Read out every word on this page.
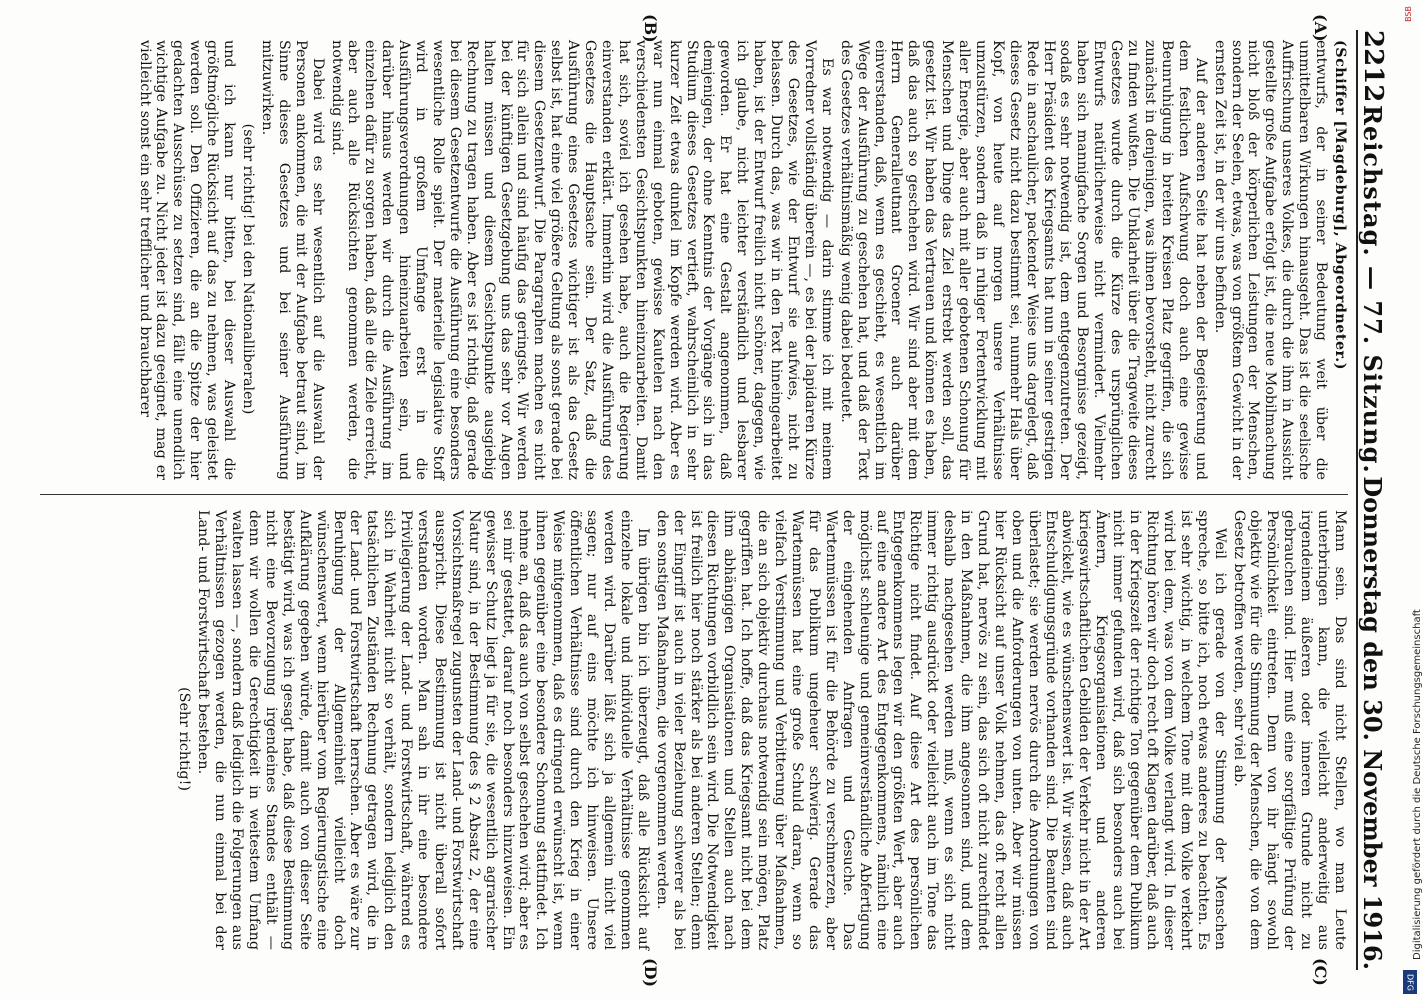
2212
Reichstag. — 77. Sitzung.
Donnerstag den 30. November 1916.
(A)
(B)
(C)
(D)

(Schiffer [Magdeburg], Abgeordneter.)

entwurfs, der in seiner Bedeutung weit über die unmittelbaren Wirkungen hinausgeht. Das ist die seelische Auffrischung unseres Volkes, die durch die ihm in Aussicht gestellte große Aufgabe erfolgt ist, die neue Mobilmachung nicht bloß der körperlichen Leistungen der Menschen, sondern der Seelen, etwas, was von größtem Gewicht in der ernsten Zeit ist, in der wir uns befinden.

Auf der anderen Seite hat neben der Begeisterung und dem festlichen Aufschwung doch auch eine gewisse Beunruhigung in breiten Kreisen Platz gegriffen, die sich zunächst in denjenigen, was ihnen bevorsteht, nicht zurecht zu finden wußten. Die Unklarheit über die Tragweite dieses Gesetzes wurde durch die Kürze des ursprünglichen Entwurfs natürlicherweise nicht vermindert. Vielmehr haben sich mannigfache Sorgen und Besorgnisse gezeigt, sodaß es sehr notwendig ist, dem entgegenzutreten. Der Herr Präsident des Kriegsamts hat nun in seiner gestrigen Rede in anschaulicher, packender Weise uns dargelegt, daß dieses Gesetz nicht dazu bestimmt sei, nunmehr Hals über Kopf, von heute auf morgen unsere Verhältnisse umzustürzen, sondern daß in ruhiger Fortentwicklung mit aller Energie, aber auch mit aller gebotenen Schonung für Menschen und Dinge das Ziel erstrebt werden soll, das gesetzt ist. Wir haben das Vertrauen und können es haben, daß das auch so geschehen wird. Wir sind aber mit dem Herrn Generalleutnant Groener auch darüber einverstanden, daß, wenn es geschieht, es wesentlich im Wege der Ausführung zu geschehen hat, und daß der Text des Gesetzes verhältnismäßig wenig dabei bedeutet.

Es war notwendig — darin stimme ich mit meinem Vorredner vollständig überein —, es bei der lapidaren Kürze des Gesetzes, wie der Entwurf sie aufwies, nicht zu belassen. Durch das, was wir in den Text hineingearbeitet haben, ist der Entwurf freilich nicht schöner, dagegen, wie ich glaube, nicht leichter verständlich und lesbarer geworden. Er hat eine Gestalt angenommen, daß demjenigen, der ohne Kenntnis der Vorgänge sich in das Studium dieses Gesetzes vertieft, wahrscheinlich in sehr kurzer Zeit etwas dunkel im Kopfe werden wird. Aber es war nun einmal geboten, gewisse Kautelen nach den verschiedensten Gesichtspunkten hineinzuarbeiten. Damit hat sich, soviel ich gesehen habe, auch die Regierung einverstanden erklärt. Immerhin wird die Ausführung des Gesetzes die Hauptsache sein. Der Satz, daß die Ausführung eines Gesetzes wichtiger ist als das Gesetz selbst ist, hat eine viel größere Geltung als sonst gerade bei diesem Gesetzentwurf. Die Paragraphen machen es nicht für sich allein und sind häufig das geringste. Wir werden bei der künftigen Gesetzgebung uns das sehr vor Augen halten müssen und diesem Gesichtspunkte ausgiebig Rechnung zu tragen haben. Aber es ist richtig, daß gerade bei diesem Gesetzentwurfe die Ausführung eine besonders wesentliche Rolle spielt. Der materielle legislative Stoff wird in großem Umfange erst in die Ausführungsverordnungen hineinzuarbeiten sein, und darüber hinaus werden wir durch die Ausführung im einzelnen dafür zu sorgen haben, daß alle die Ziele erreicht, aber auch alle Rücksichten genommen werden, die notwendig sind.

Dabei wird es sehr wesentlich auf die Auswahl der Personen ankommen, die mit der Aufgabe betraut sind, im Sinne dieses Gesetzes und bei seiner Ausführung mitzuwirken.

(sehr richtig! bei den Nationalliberalen)

und ich kann nur bitten, bei dieser Auswahl die größtmögliche Rücksicht auf das zu nehmen, was geleistet werden soll. Den Offizieren, die an die Spitze der hier gedachten Ausschüsse zu setzen sind, fällt eine unendlich wichtige Aufgabe zu. Nicht jeder ist dazu geeignet, mag er vielleicht sonst ein sehr trefflicher und brauchbarer

Mann sein. Das sind nicht Stellen, wo man Leute unterbringen kann, die vielleicht anderweitig aus irgendeinem äußeren oder inneren Grunde nicht zu gebrauchen sind. Hier muß eine sorgfältige Prüfung der Persönlichkeit eintreten. Denn von ihr hängt sowohl objektiv wie für die Stimmung der Menschen, die von dem Gesetz betroffen werden, sehr viel ab.

Weil ich gerade von der Stimmung der Menschen spreche, so bitte ich, noch etwas anderes zu beachten. Es ist sehr wichtig, in welchem Tone mit dem Volke verkehrt wird bei dem, was von dem Volke verlangt wird. In dieser Richtung hören wir doch recht oft Klagen darüber, daß auch in der Kriegszeit der richtige Ton gegenüber dem Publikum nicht immer gefunden wird, daß sich besonders auch bei Ämtern, Kriegsorganisationen und anderen kriegswirtschaftlichen Gebilden der Verkehr nicht in der Art abwickelt, wie es wünschenswert ist. Wir wissen, daß auch Entschuldigungsgründe vorhanden sind. Die Beamten sind überlastet; sie werden nervös durch die Anordnungen von oben und die Anforderungen von unten. Aber wir müssen hier Rücksicht auf unser Volk nehmen, das oft recht allen Grund hat, nervös zu sein, das sich oft nicht zurechtfindet in den Maßnahmen, die ihm angesonnen sind, und dem deshalb nachgesehen werden muß, wenn es sich nicht immer richtig ausdrückt oder vielleicht auch im Tone das Richtige nicht findet. Auf diese Art des persönlichen Entgegenkommens legen wir den größten Wert, aber auch auf eine andere Art des Entgegenkommens, nämlich eine möglichst schleunige und gemeinverständliche Abfertigung der eingehenden Anfragen und Gesuche. Das Wartenmüssen ist für die Behörde zu verschmerzen, aber für das Publikum ungeheuer schwierig. Gerade das Wartenmüssen hat eine große Schuld daran, wenn so vielfach Verstimmung und Verbitterung über Maßnahmen, die an sich objektiv durchaus notwendig sein mögen, Platz gegriffen hat. Ich hoffe, daß das Kriegsamt nicht bei dem ihm abhängigen Organisationen und Stellen auch nach diesen Richtungen vorbildlich sein wird. Die Notwendigkeit ist freilich hier noch stärker als bei anderen Stellen; denn der Eingriff ist auch in vieler Beziehung schwerer als bei den sonstigen Maßnahmen, die vorgenommen werden.

Im übrigen bin ich überzeugt, daß alle Rücksicht auf einzelne lokale und individuelle Verhältnisse genommen werden wird. Darüber läßt sich ja allgemein nicht viel sagen; nur auf eins möchte ich hinweisen. Unsere öffentlichen Verhältnisse sind durch den Krieg in einer Weise mitgenommen, daß es dringend erwünscht ist, wenn ihnen gegenüber eine besondere Schonung stattfindet. Ich nehme an, daß das auch von selbst geschehen wird; aber es sei mir gestattet, darauf noch besonders hinzuweisen. Ein gewisser Schutz liegt ja für sie, die wesentlich agrarischer Natur sind, in der Bestimmung des § 2 Absatz 2, der eine Vorsichtsmaßregel zugunsten der Land- und Forstwirtschaft ausspricht. Diese Bestimmung ist nicht überall sofort verstanden worden. Man sah in ihr eine besondere Privilegierung der Land- und Forstwirtschaft, während es sich in Wahrheit nicht so verhält, sondern lediglich den tatsächlichen Zuständen Rechnung getragen wird, die in der Land- und Forstwirtschaft herrschen. Aber es wäre zur Beruhigung der Allgemeinheit vielleicht doch wünschenswert, wenn hierüber vom Regierungstische eine Aufklärung gegeben würde, damit auch von dieser Seite bestätigt wird, was ich gesagt habe, daß diese Bestimmung nicht eine Bevorzugung irgendeines Standes enthält — denn wir wollen die Gerechtigkeit in weitestem Umfang walten lassen —, sondern daß lediglich die Folgerungen aus Verhältnissen gezogen werden, die nun einmal bei der Land- und Forstwirtschaft bestehen.

(Sehr richtig!)

BSB
Digitalisierung gefördert durch die Deutsche Forschungsgemeinschaft
DFG
